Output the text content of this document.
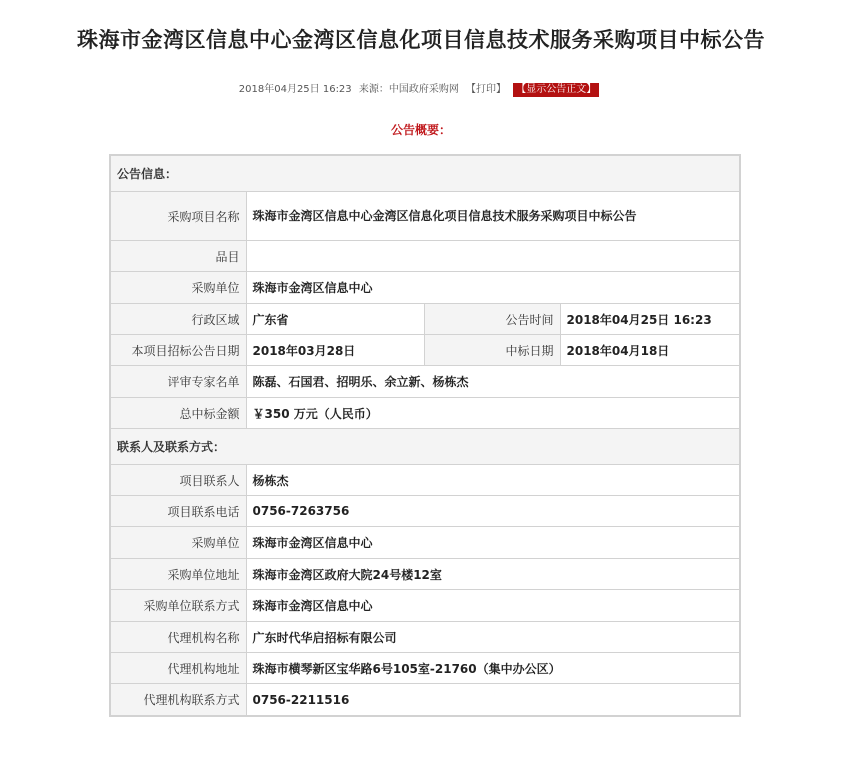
珠海市金湾区信息中心金湾区信息化项目信息技术服务采购项目中标公告
2018年04月25日 16:23 来源：中国政府采购网 【打印】 【显示公告正文】
公告概要：
公告信息：			
采购项目名称	珠海市金湾区信息中心金湾区信息化项目信息技术服务采购项目中标公告		
品目			
采购单位	珠海市金湾区信息中心		
行政区域	广东省	公告时间	2018年04月25日 16:23
本项目招标公告日期	2018年03月28日	中标日期	2018年04月18日
评审专家名单	陈磊、石国君、招明乐、余立新、杨栋杰		
总中标金额	￥350 万元（人民币）		
联系人及联系方式：			
项目联系人	杨栋杰		
项目联系电话	0756-7263756		
采购单位	珠海市金湾区信息中心		
采购单位地址	珠海市金湾区政府大院24号楼12室		
采购单位联系方式	珠海市金湾区信息中心		
代理机构名称	广东时代华启招标有限公司		
代理机构地址	珠海市横琴新区宝华路6号105室-21760（集中办公区）		
代理机构联系方式	0756-2211516		
